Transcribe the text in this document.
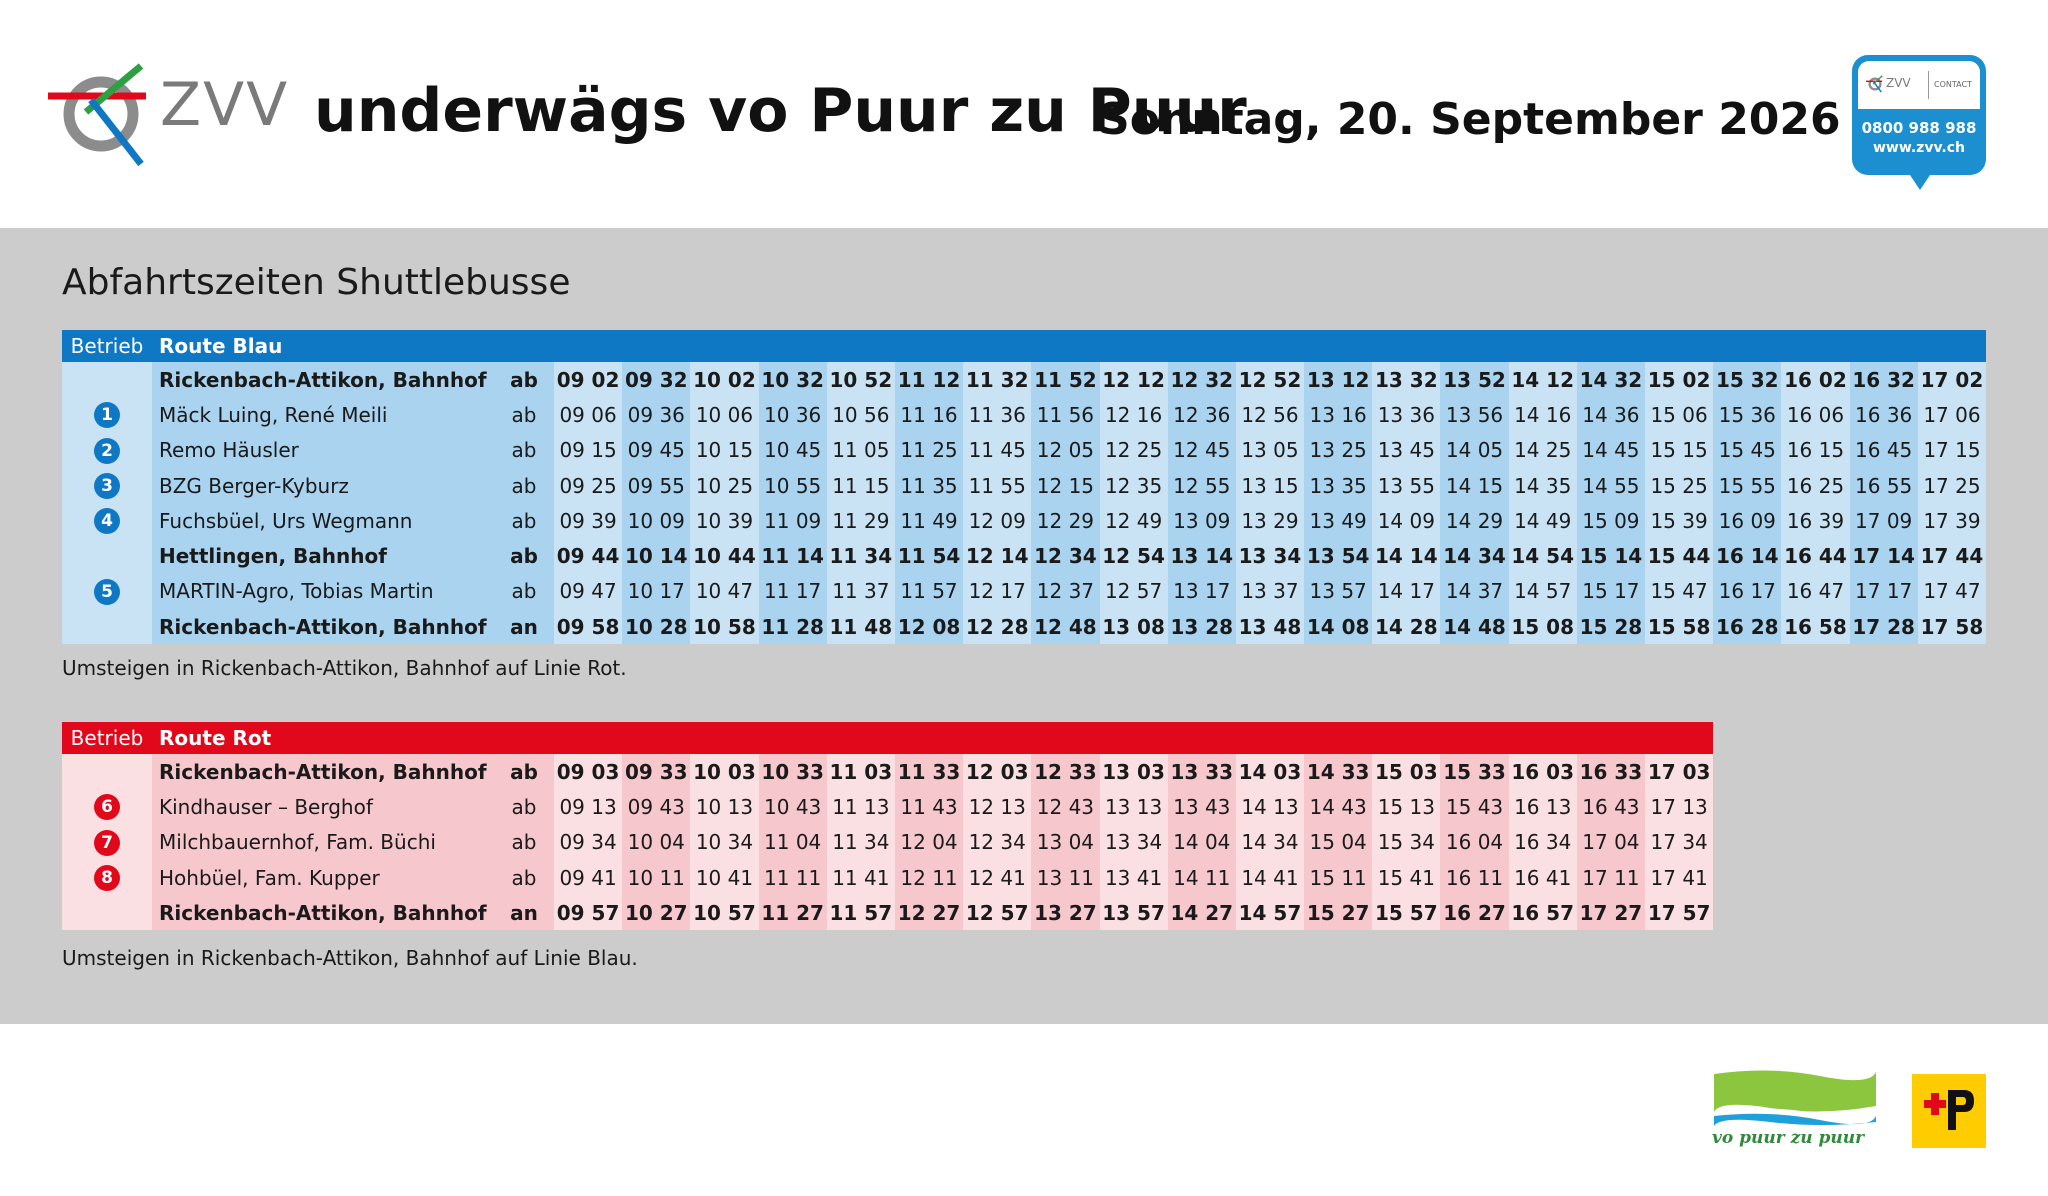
ZVV underwägs vo Puur zu Puur
Sonntag, 20. September 2026
ZVV	CONTACT
0800 988 988
www.zvv.ch
Abfahrtszeiten Shuttlebusse
Betrieb	Route Blau																						
	Rickenbach-Attikon, Bahnhof	ab	09 02	09 32	10 02	10 32	10 52	11 12	11 32	11 52	12 12	12 32	12 52	13 12	13 32	13 52	14 12	14 32	15 02	15 32	16 02	16 32	17 02
1	Mäck Luing, René Meili	ab	09 06	09 36	10 06	10 36	10 56	11 16	11 36	11 56	12 16	12 36	12 56	13 16	13 36	13 56	14 16	14 36	15 06	15 36	16 06	16 36	17 06
2	Remo Häusler	ab	09 15	09 45	10 15	10 45	11 05	11 25	11 45	12 05	12 25	12 45	13 05	13 25	13 45	14 05	14 25	14 45	15 15	15 45	16 15	16 45	17 15
3	BZG Berger-Kyburz	ab	09 25	09 55	10 25	10 55	11 15	11 35	11 55	12 15	12 35	12 55	13 15	13 35	13 55	14 15	14 35	14 55	15 25	15 55	16 25	16 55	17 25
4	Fuchsbüel, Urs Wegmann	ab	09 39	10 09	10 39	11 09	11 29	11 49	12 09	12 29	12 49	13 09	13 29	13 49	14 09	14 29	14 49	15 09	15 39	16 09	16 39	17 09	17 39
	Hettlingen, Bahnhof	ab	09 44	10 14	10 44	11 14	11 34	11 54	12 14	12 34	12 54	13 14	13 34	13 54	14 14	14 34	14 54	15 14	15 44	16 14	16 44	17 14	17 44
5	MARTIN-Agro, Tobias Martin	ab	09 47	10 17	10 47	11 17	11 37	11 57	12 17	12 37	12 57	13 17	13 37	13 57	14 17	14 37	14 57	15 17	15 47	16 17	16 47	17 17	17 47
	Rickenbach-Attikon, Bahnhof	an	09 58	10 28	10 58	11 28	11 48	12 08	12 28	12 48	13 08	13 28	13 48	14 08	14 28	14 48	15 08	15 28	15 58	16 28	16 58	17 28	17 58
Umsteigen in Rickenbach-Attikon, Bahnhof auf Linie Rot.
Betrieb	Route Rot																		
	Rickenbach-Attikon, Bahnhof	ab	09 03	09 33	10 03	10 33	11 03	11 33	12 03	12 33	13 03	13 33	14 03	14 33	15 03	15 33	16 03	16 33	17 03
6	Kindhauser – Berghof	ab	09 13	09 43	10 13	10 43	11 13	11 43	12 13	12 43	13 13	13 43	14 13	14 43	15 13	15 43	16 13	16 43	17 13
7	Milchbauernhof, Fam. Büchi	ab	09 34	10 04	10 34	11 04	11 34	12 04	12 34	13 04	13 34	14 04	14 34	15 04	15 34	16 04	16 34	17 04	17 34
8	Hohbüel, Fam. Kupper	ab	09 41	10 11	10 41	11 11	11 41	12 11	12 41	13 11	13 41	14 11	14 41	15 11	15 41	16 11	16 41	17 11	17 41
	Rickenbach-Attikon, Bahnhof	an	09 57	10 27	10 57	11 27	11 57	12 27	12 57	13 27	13 57	14 27	14 57	15 27	15 57	16 27	16 57	17 27	17 57
Umsteigen in Rickenbach-Attikon, Bahnhof auf Linie Blau.
vo puur zu puur
